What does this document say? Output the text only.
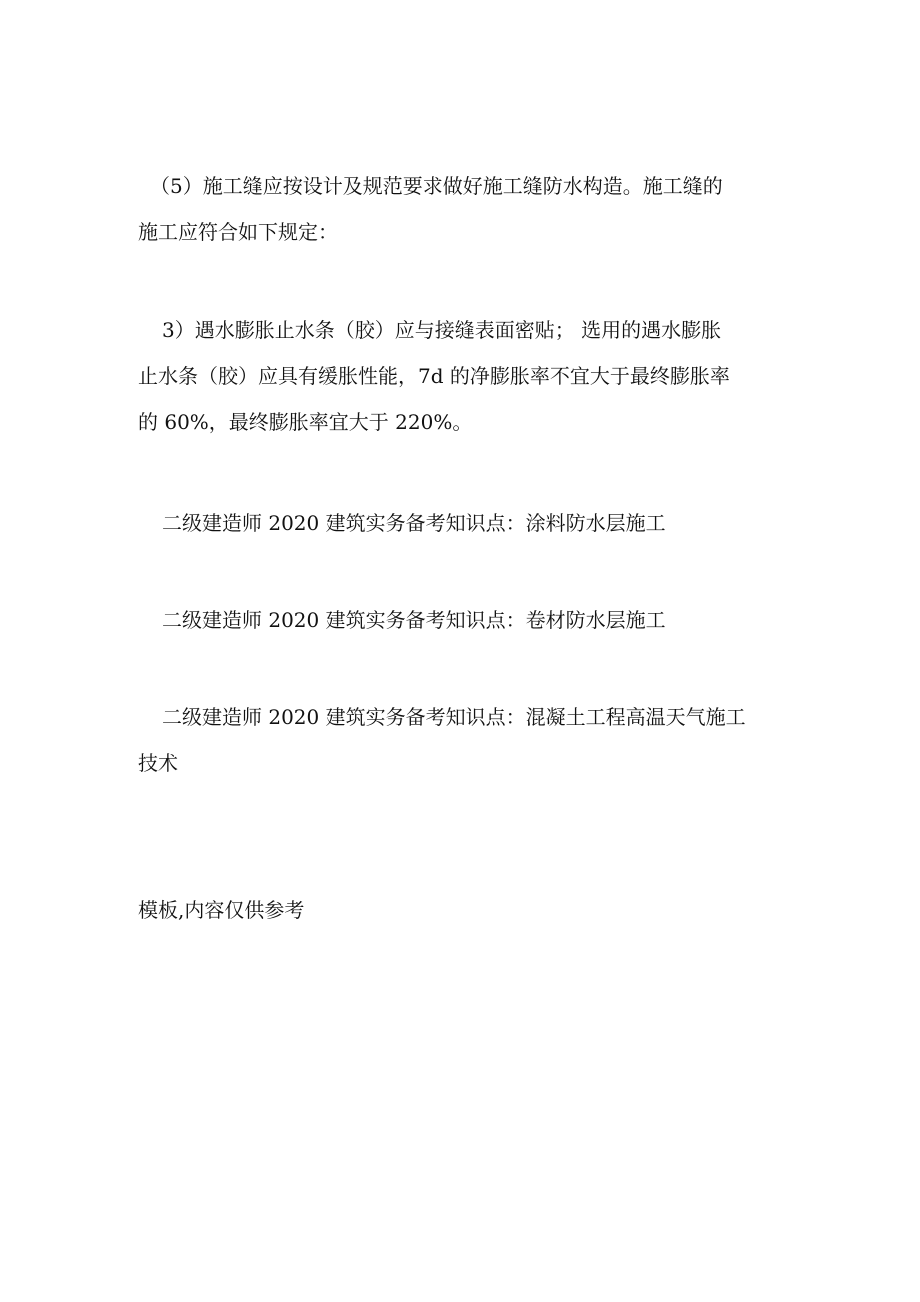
（5）施工缝应按设计及规范要求做好施工缝防水构造。施工缝的
施工应符合如下规定：
3）遇水膨胀止水条（胶）应与接缝表面密贴； 选用的遇水膨胀
止水条（胶）应具有缓胀性能，7d 的净膨胀率不宜大于最终膨胀率
的 60%，最终膨胀率宜大于 220%。
二级建造师 2020 建筑实务备考知识点：涂料防水层施工
二级建造师 2020 建筑实务备考知识点：卷材防水层施工
二级建造师 2020 建筑实务备考知识点：混凝土工程高温天气施工
技术
模板,内容仅供参考
